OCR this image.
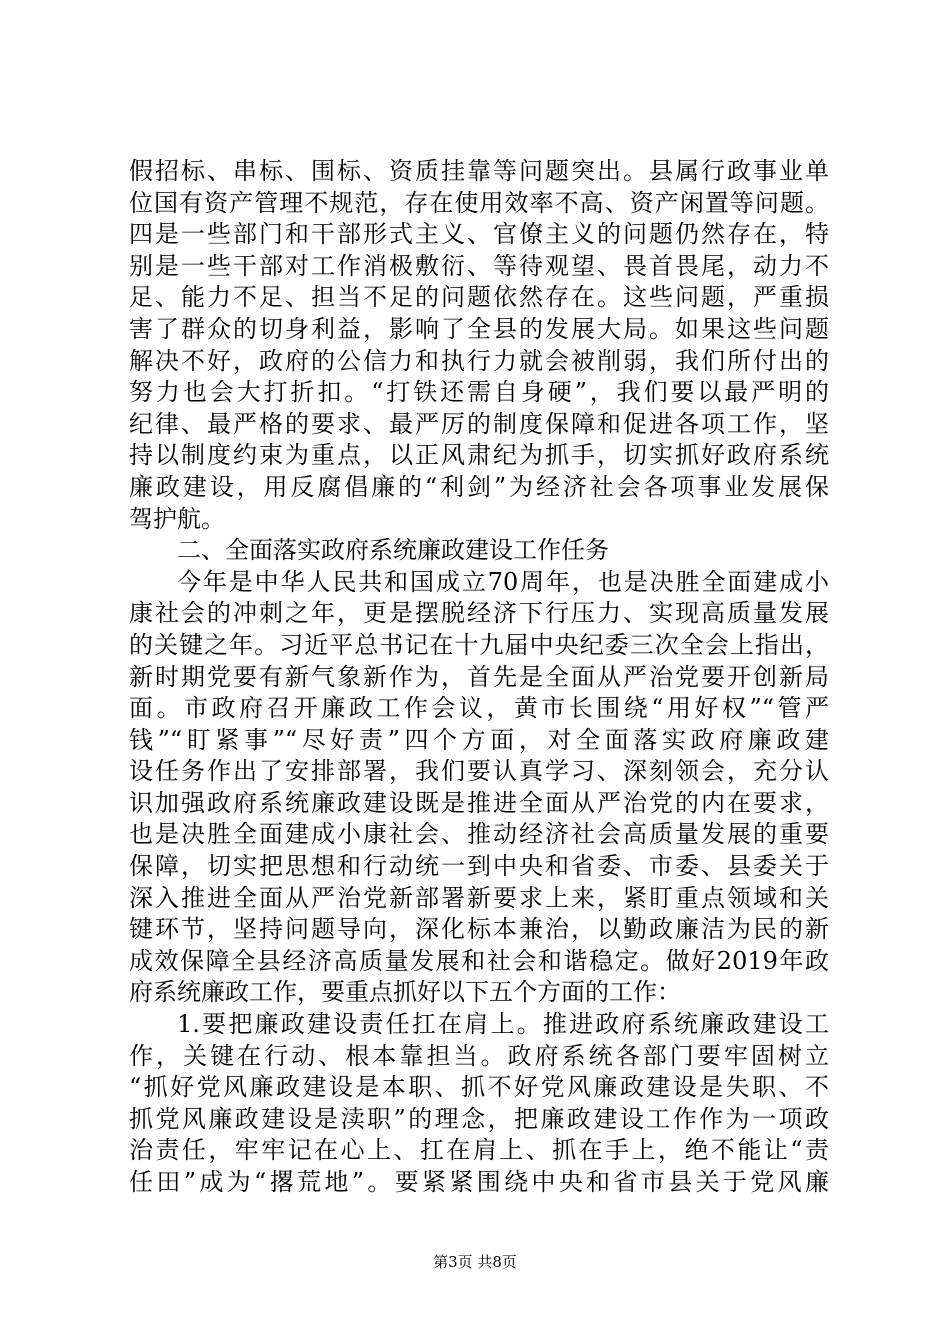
假招标、串标、围标、资质挂靠等问题突出。县属行政事业单
位国有资产管理不规范，存在使用效率不高、资产闲置等问题。
四是一些部门和干部形式主义、官僚主义的问题仍然存在，特
别是一些干部对工作消极敷衍、等待观望、畏首畏尾，动力不
足、能力不足、担当不足的问题依然存在。这些问题，严重损
害了群众的切身利益，影响了全县的发展大局。如果这些问题
解决不好，政府的公信力和执行力就会被削弱，我们所付出的
努力也会大打折扣。“打铁还需自身硬”，我们要以最严明的
纪律、最严格的要求、最严厉的制度保障和促进各项工作，坚
持以制度约束为重点，以正风肃纪为抓手，切实抓好政府系统
廉政建设，用反腐倡廉的“利剑”为经济社会各项事业发展保
驾护航。
二、全面落实政府系统廉政建设工作任务
今年是中华人民共和国成立70周年，也是决胜全面建成小
康社会的冲刺之年，更是摆脱经济下行压力、实现高质量发展
的关键之年。习近平总书记在十九届中央纪委三次全会上指出，
新时期党要有新气象新作为，首先是全面从严治党要开创新局
面。市政府召开廉政工作会议，黄市长围绕“用好权”“管严
钱”“盯紧事”“尽好责”四个方面，对全面落实政府廉政建
设任务作出了安排部署，我们要认真学习、深刻领会，充分认
识加强政府系统廉政建设既是推进全面从严治党的内在要求，
也是决胜全面建成小康社会、推动经济社会高质量发展的重要
保障，切实把思想和行动统一到中央和省委、市委、县委关于
深入推进全面从严治党新部署新要求上来，紧盯重点领域和关
键环节，坚持问题导向，深化标本兼治，以勤政廉洁为民的新
成效保障全县经济高质量发展和社会和谐稳定。做好2019年政
府系统廉政工作，要重点抓好以下五个方面的工作：
1.要把廉政建设责任扛在肩上。推进政府系统廉政建设工
作，关键在行动、根本靠担当。政府系统各部门要牢固树立
“抓好党风廉政建设是本职、抓不好党风廉政建设是失职、不
抓党风廉政建设是渎职”的理念，把廉政建设工作作为一项政
治责任，牢牢记在心上、扛在肩上、抓在手上，绝不能让“责
任田”成为“撂荒地”。要紧紧围绕中央和省市县关于党风廉
第3页 共8页
